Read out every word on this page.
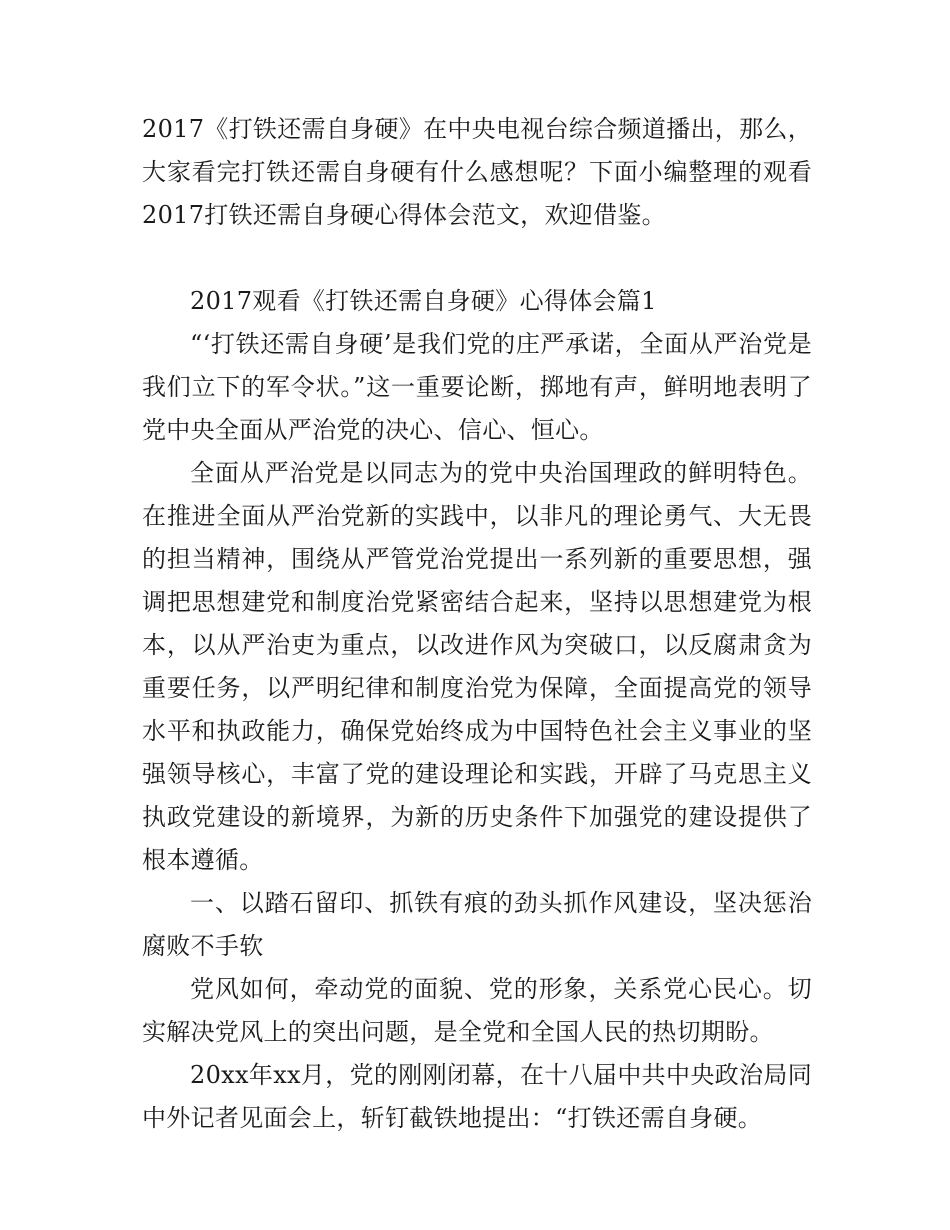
2017《打铁还需自身硬》在中央电视台综合频道播出，那么，大家看完打铁还需自身硬有什么感想呢？下面小编整理的观看2017打铁还需自身硬心得体会范文，欢迎借鉴。

2017观看《打铁还需自身硬》心得体会篇1

“‘打铁还需自身硬’是我们党的庄严承诺，全面从严治党是我们立下的军令状。”这一重要论断，掷地有声，鲜明地表明了党中央全面从严治党的决心、信心、恒心。

全面从严治党是以同志为的党中央治国理政的鲜明特色。在推进全面从严治党新的实践中，以非凡的理论勇气、大无畏的担当精神，围绕从严管党治党提出一系列新的重要思想，强调把思想建党和制度治党紧密结合起来，坚持以思想建党为根本，以从严治吏为重点，以改进作风为突破口，以反腐肃贪为重要任务，以严明纪律和制度治党为保障，全面提高党的领导水平和执政能力，确保党始终成为中国特色社会主义事业的坚强领导核心，丰富了党的建设理论和实践，开辟了马克思主义执政党建设的新境界，为新的历史条件下加强党的建设提供了根本遵循。

一、以踏石留印、抓铁有痕的劲头抓作风建设，坚决惩治腐败不手软

党风如何，牵动党的面貌、党的形象，关系党心民心。切实解决党风上的突出问题，是全党和全国人民的热切期盼。

20xx年xx月，党的刚刚闭幕，在十八届中共中央政治局同中外记者见面会上，斩钉截铁地提出：“打铁还需自身硬。
